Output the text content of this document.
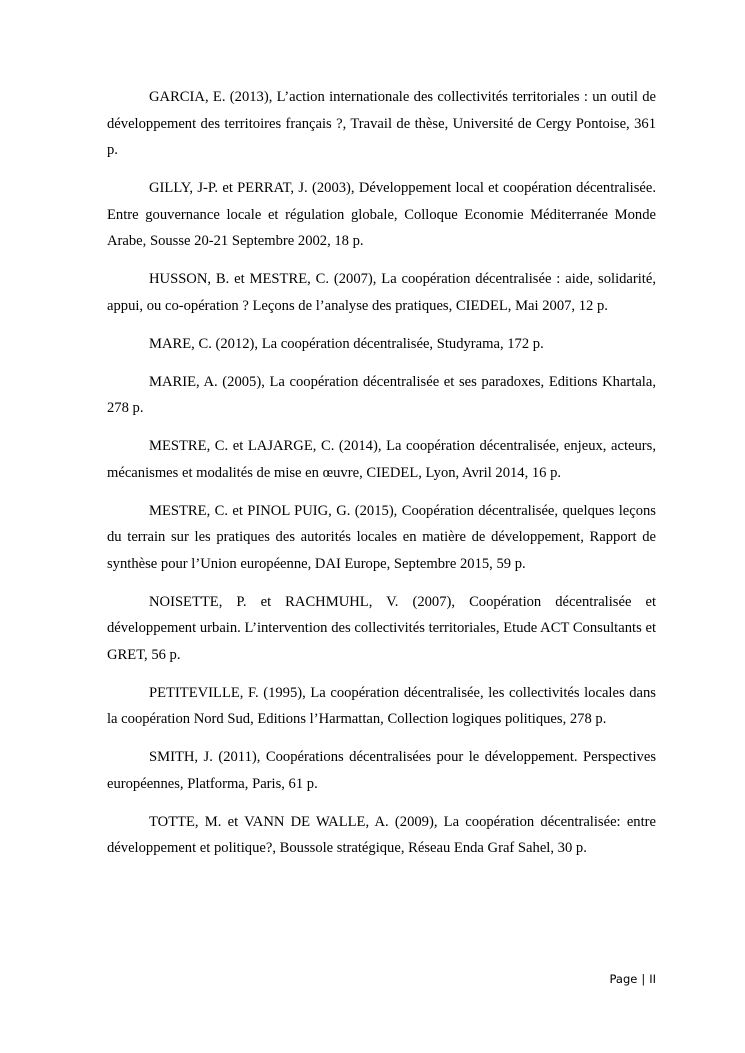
GARCIA, E. (2013), L’action internationale des collectivités territoriales : un outil de développement des territoires français ?, Travail de thèse, Université de Cergy Pontoise, 361 p.

GILLY, J-P. et PERRAT, J. (2003), Développement local et coopération décentralisée. Entre gouvernance locale et régulation globale, Colloque Economie Méditerranée Monde Arabe, Sousse 20-21 Septembre 2002, 18 p.

HUSSON, B. et MESTRE, C. (2007), La coopération décentralisée : aide, solidarité, appui, ou co-opération ? Leçons de l’analyse des pratiques, CIEDEL, Mai 2007, 12 p.

MARE, C. (2012), La coopération décentralisée, Studyrama, 172 p.

MARIE, A. (2005), La coopération décentralisée et ses paradoxes, Editions Khartala, 278 p.

MESTRE, C. et LAJARGE, C. (2014), La coopération décentralisée, enjeux, acteurs, mécanismes et modalités de mise en œuvre, CIEDEL, Lyon, Avril 2014, 16 p.

MESTRE, C. et PINOL PUIG, G. (2015), Coopération décentralisée, quelques leçons du terrain sur les pratiques des autorités locales en matière de développement, Rapport de synthèse pour l’Union européenne, DAI Europe, Septembre 2015, 59 p.

NOISETTE, P. et RACHMUHL, V. (2007), Coopération décentralisée et développement urbain. L’intervention des collectivités territoriales, Etude ACT Consultants et GRET, 56 p.

PETITEVILLE, F. (1995), La coopération décentralisée, les collectivités locales dans la coopération Nord Sud, Editions l’Harmattan, Collection logiques politiques, 278 p.

SMITH, J. (2011), Coopérations décentralisées pour le développement. Perspectives européennes, Platforma, Paris, 61 p.

TOTTE, M. et VANN DE WALLE, A. (2009), La coopération décentralisée: entre développement et politique?, Boussole stratégique, Réseau Enda Graf Sahel, 30 p.

Page | II
